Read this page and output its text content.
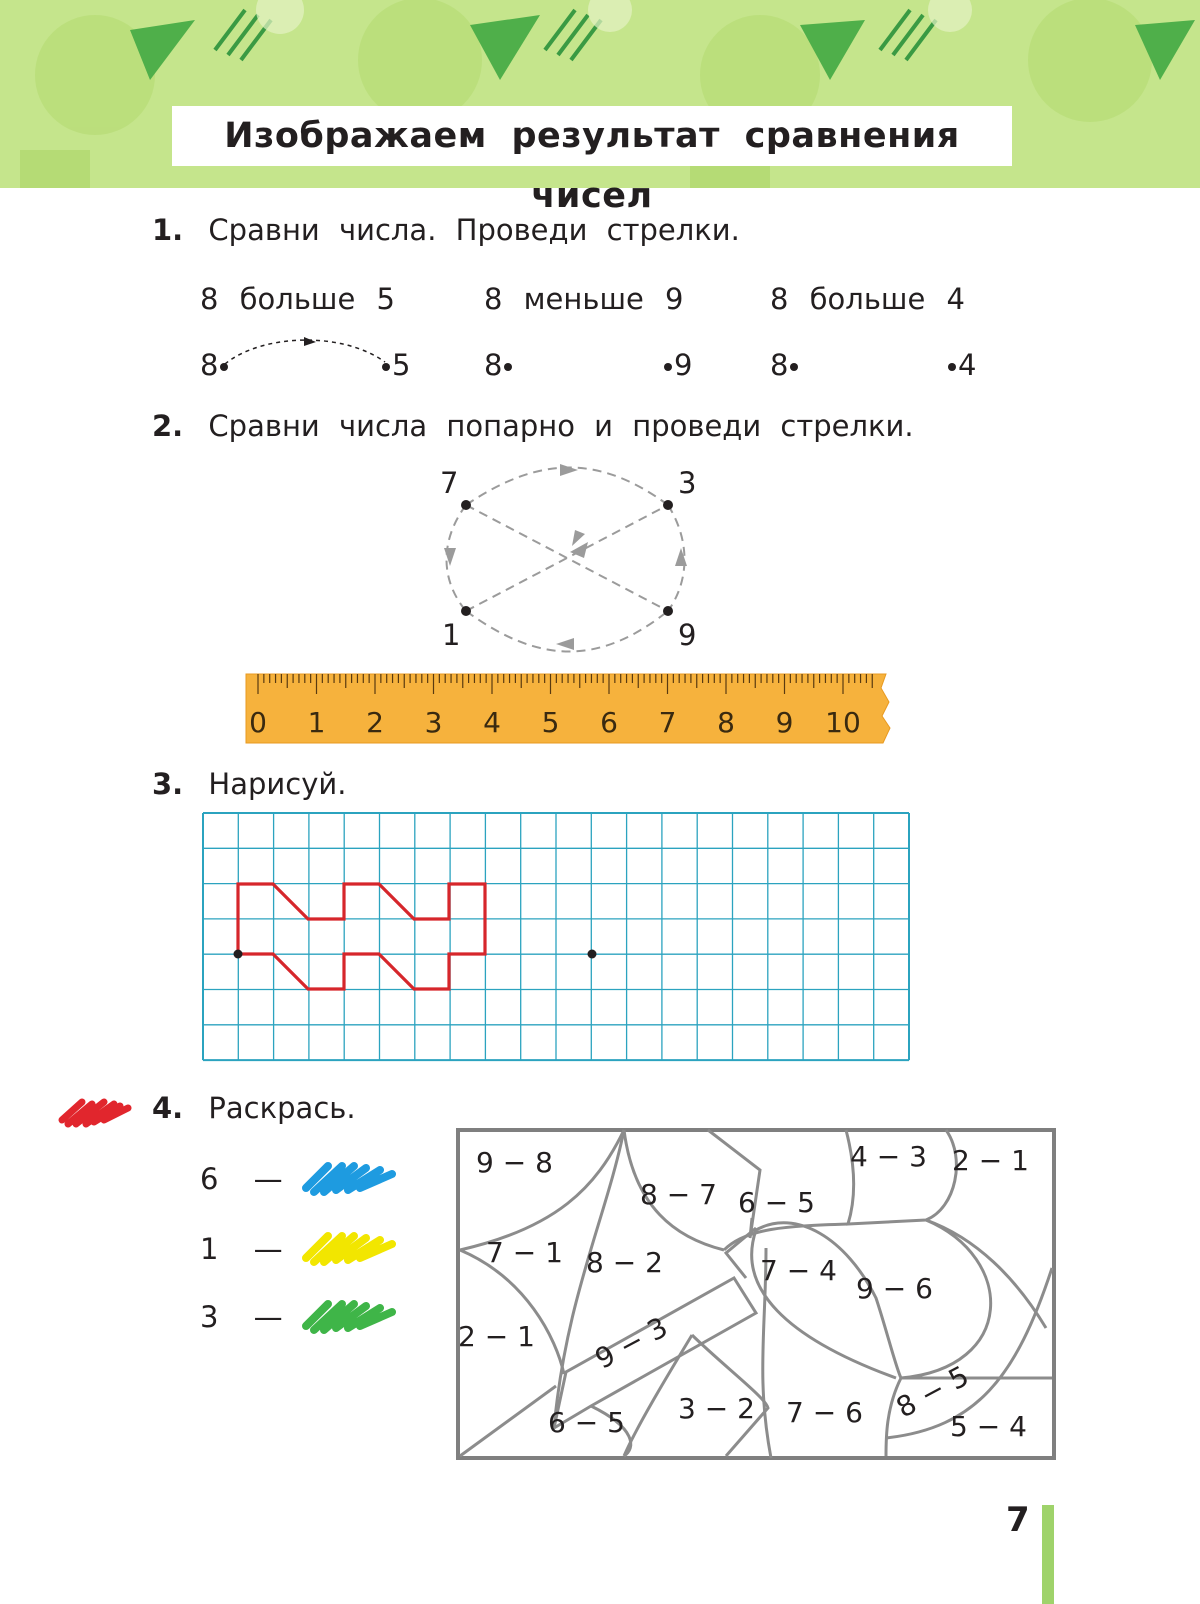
Изображаем результат сравнения чисел
1. Сравни числа. Проведи стрелки.
8 больше 5	8 меньше 9	8 больше 4
8	5	8	9	8	4
2. Сравни числа попарно и проведи стрелки.
7	3
1	9
0 1 2 3 4 5 6 7 8 9 10
3. Нарисуй.
4. Раскрась.
6 —
1 —
3 —
9 − 8
8 − 7 6 − 5
4 − 3 2 − 1
7 − 1 8 − 2	7 − 4
9 − 6
2 − 1 9 − 3
8 − 5
6 − 5 3 − 2 7 − 6	5 − 4
7
